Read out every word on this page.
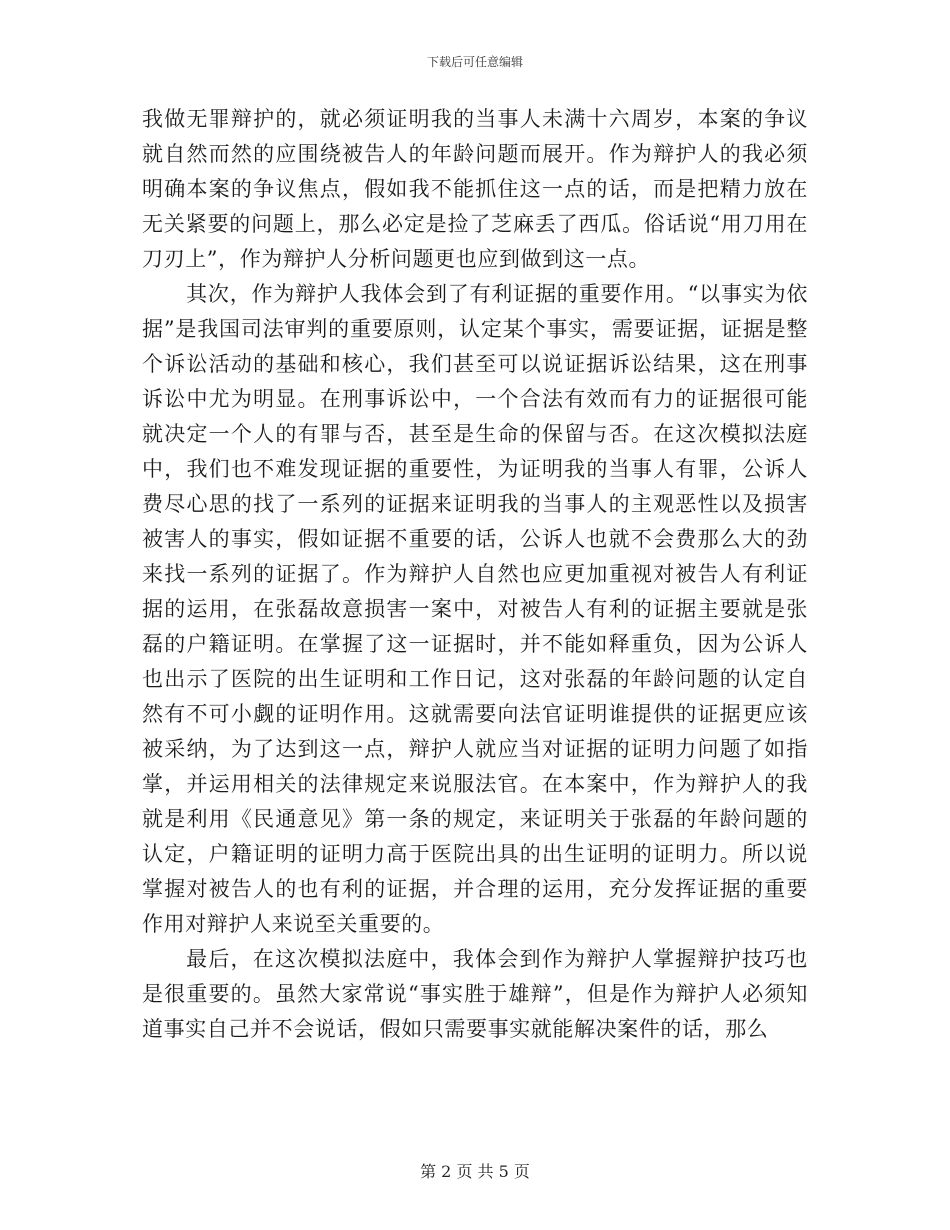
下载后可任意编辑

我做无罪辩护的，就必须证明我的当事人未满十六周岁，本案的争议就自然而然的应围绕被告人的年龄问题而展开。作为辩护人的我必须明确本案的争议焦点，假如我不能抓住这一点的话，而是把精力放在无关紧要的问题上，那么必定是捡了芝麻丢了西瓜。俗话说“用刀用在刀刃上”，作为辩护人分析问题更也应到做到这一点。

其次，作为辩护人我体会到了有利证据的重要作用。“以事实为依据”是我国司法审判的重要原则，认定某个事实，需要证据，证据是整个诉讼活动的基础和核心，我们甚至可以说证据诉讼结果，这在刑事诉讼中尤为明显。在刑事诉讼中，一个合法有效而有力的证据很可能就决定一个人的有罪与否，甚至是生命的保留与否。在这次模拟法庭中，我们也不难发现证据的重要性，为证明我的当事人有罪，公诉人费尽心思的找了一系列的证据来证明我的当事人的主观恶性以及损害被害人的事实，假如证据不重要的话，公诉人也就不会费那么大的劲来找一系列的证据了。作为辩护人自然也应更加重视对被告人有利证据的运用，在张磊故意损害一案中，对被告人有利的证据主要就是张磊的户籍证明。在掌握了这一证据时，并不能如释重负，因为公诉人也出示了医院的出生证明和工作日记，这对张磊的年龄问题的认定自然有不可小觑的证明作用。这就需要向法官证明谁提供的证据更应该被采纳，为了达到这一点，辩护人就应当对证据的证明力问题了如指掌，并运用相关的法律规定来说服法官。在本案中，作为辩护人的我就是利用《民通意见》第一条的规定，来证明关于张磊的年龄问题的认定，户籍证明的证明力高于医院出具的出生证明的证明力。所以说掌握对被告人的也有利的证据，并合理的运用，充分发挥证据的重要作用对辩护人来说至关重要的。

最后，在这次模拟法庭中，我体会到作为辩护人掌握辩护技巧也是很重要的。虽然大家常说“事实胜于雄辩”，但是作为辩护人必须知道事实自己并不会说话，假如只需要事实就能解决案件的话，那么

第 2 页 共 5 页
